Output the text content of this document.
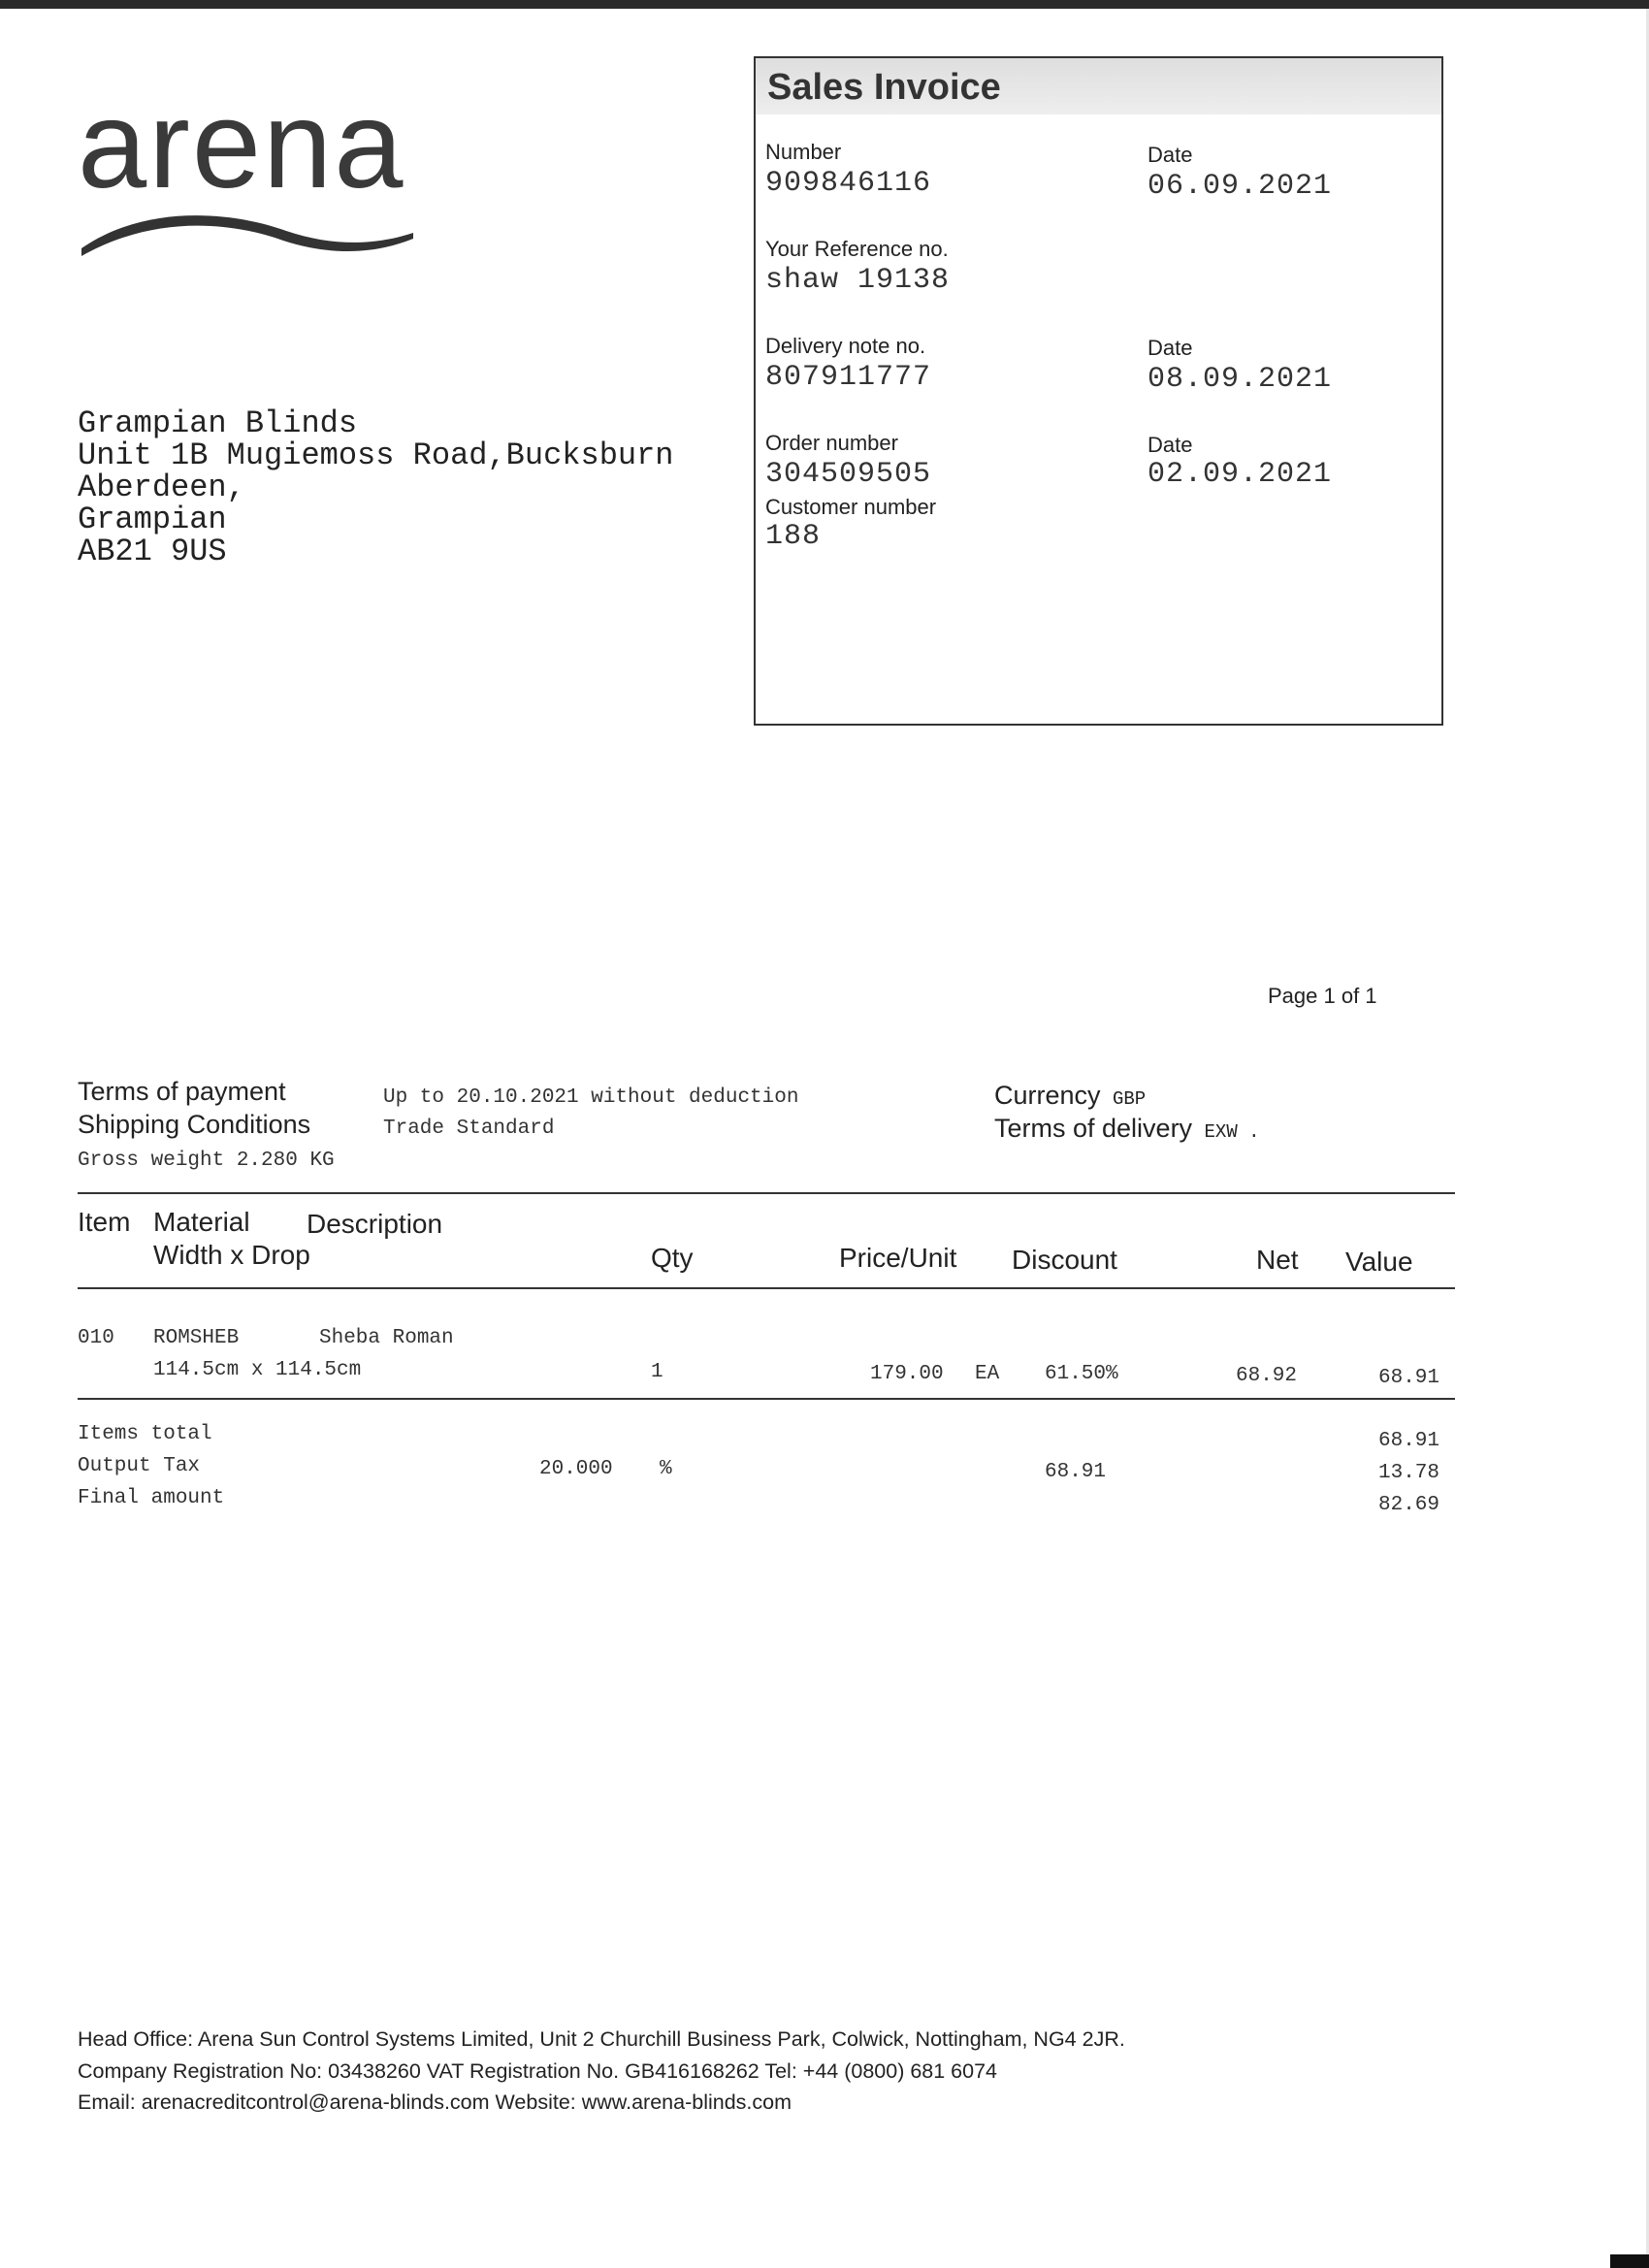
arena
Grampian Blinds
Unit 1B Mugiemoss Road,Bucksburn
Aberdeen,
Grampian
AB21 9US
Sales Invoice
Number
909846116
Date
06.09.2021
Your Reference no.
shaw 19138
Delivery note no.
807911777
Date
08.09.2021
Order number
304509505
Date
02.09.2021
Customer number
188
Page 1 of 1
Terms of payment	Up to 20.10.2021 without deduction
Shipping Conditions	Trade Standard
Gross weight 2.280 KG
Currency GBP
Terms of delivery EXW .
Item Material Description
Width x Drop	Qty	Price/Unit Discount	Net Value
010 ROMSHEB	Sheba Roman
114.5cm x 114.5cm	1	179.00 EA 61.50%	68.92	68.91
Items total	68.91
Output Tax	20.000 %	68.91	13.78
Final amount	82.69
Head Office: Arena Sun Control Systems Limited, Unit 2 Churchill Business Park, Colwick, Nottingham, NG4 2JR.
Company Registration No: 03438260 VAT Registration No. GB416168262 Tel: +44 (0800) 681 6074
Email: arenacreditcontrol@arena-blinds.com Website: www.arena-blinds.com
